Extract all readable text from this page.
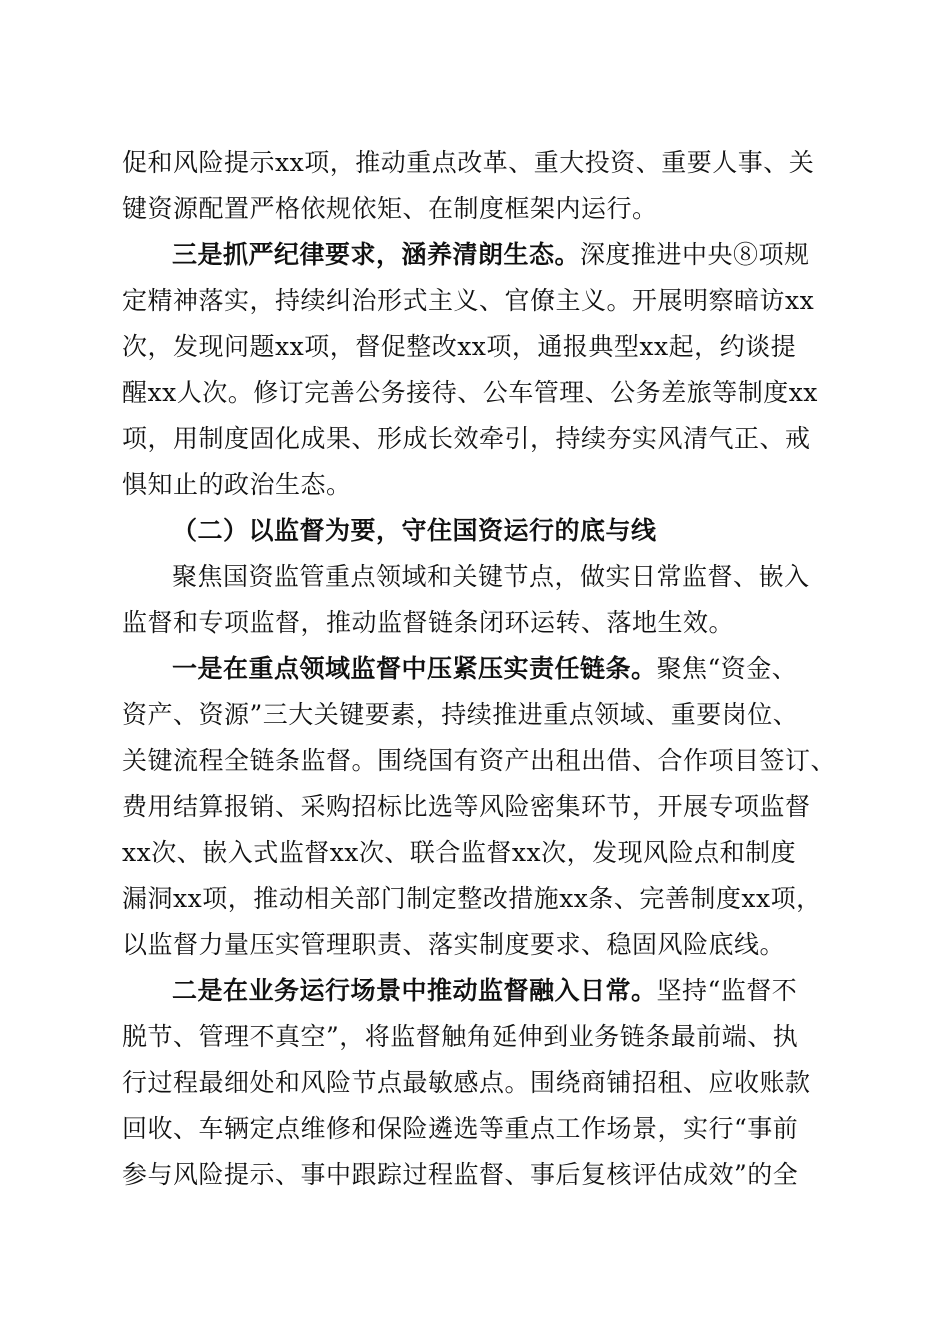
促和风险提示xx项，推动重点改革、重大投资、重要人事、关
键资源配置严格依规依矩、在制度框架内运行。
三是抓严纪律要求，涵养清朗生态。深度推进中央⑧项规
定精神落实，持续纠治形式主义、官僚主义。开展明察暗访xx
次，发现问题xx项，督促整改xx项，通报典型xx起，约谈提
醒xx人次。修订完善公务接待、公车管理、公务差旅等制度xx
项，用制度固化成果、形成长效牵引，持续夯实风清气正、戒
惧知止的政治生态。
（二）以监督为要，守住国资运行的底与线
聚焦国资监管重点领域和关键节点，做实日常监督、嵌入
监督和专项监督，推动监督链条闭环运转、落地生效。
一是在重点领域监督中压紧压实责任链条。聚焦“资金、
资产、资源”三大关键要素，持续推进重点领域、重要岗位、
关键流程全链条监督。围绕国有资产出租出借、合作项目签订、
费用结算报销、采购招标比选等风险密集环节，开展专项监督
xx次、嵌入式监督xx次、联合监督xx次，发现风险点和制度
漏洞xx项，推动相关部门制定整改措施xx条、完善制度xx项，
以监督力量压实管理职责、落实制度要求、稳固风险底线。
二是在业务运行场景中推动监督融入日常。坚持“监督不
脱节、管理不真空”，将监督触角延伸到业务链条最前端、执
行过程最细处和风险节点最敏感点。围绕商铺招租、应收账款
回收、车辆定点维修和保险遴选等重点工作场景，实行“事前
参与风险提示、事中跟踪过程监督、事后复核评估成效”的全
